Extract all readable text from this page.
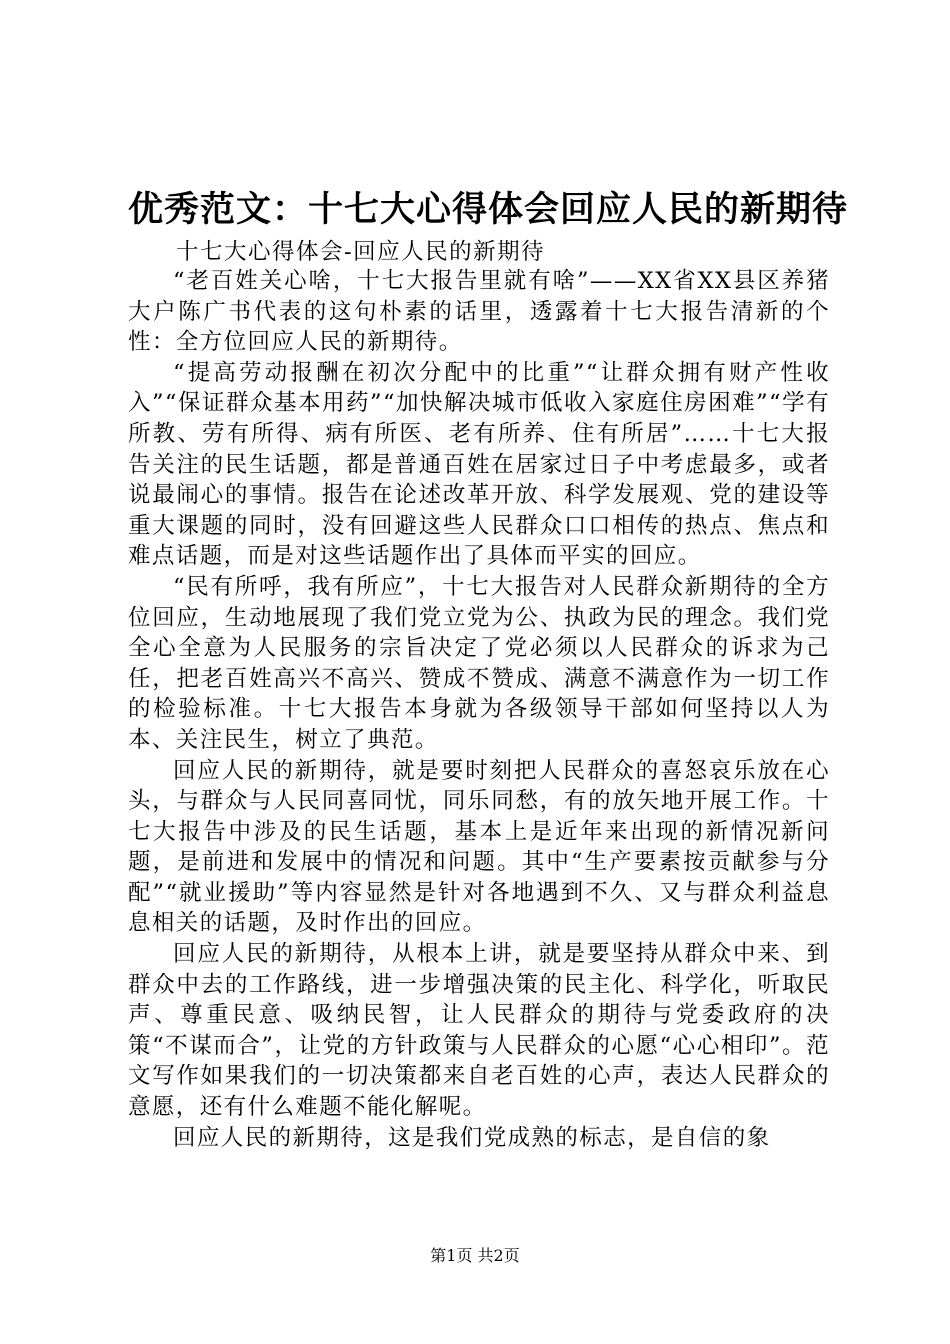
优秀范文：十七大心得体会回应人民的新期待
十七大心得体会-回应人民的新期待

“老百姓关心啥，十七大报告里就有啥”——XX省XX县区养猪大户陈广书代表的这句朴素的话里，透露着十七大报告清新的个性：全方位回应人民的新期待。

“提高劳动报酬在初次分配中的比重”“让群众拥有财产性收入”“保证群众基本用药”“加快解决城市低收入家庭住房困难”“学有所教、劳有所得、病有所医、老有所养、住有所居”……十七大报告关注的民生话题，都是普通百姓在居家过日子中考虑最多，或者说最闹心的事情。报告在论述改革开放、科学发展观、党的建设等重大课题的同时，没有回避这些人民群众口口相传的热点、焦点和难点话题，而是对这些话题作出了具体而平实的回应。

“民有所呼，我有所应”，十七大报告对人民群众新期待的全方位回应，生动地展现了我们党立党为公、执政为民的理念。我们党全心全意为人民服务的宗旨决定了党必须以人民群众的诉求为己任，把老百姓高兴不高兴、赞成不赞成、满意不满意作为一切工作的检验标准。十七大报告本身就为各级领导干部如何坚持以人为本、关注民生，树立了典范。

回应人民的新期待，就是要时刻把人民群众的喜怒哀乐放在心头，与群众与人民同喜同忧，同乐同愁，有的放矢地开展工作。十七大报告中涉及的民生话题，基本上是近年来出现的新情况新问题，是前进和发展中的情况和问题。其中“生产要素按贡献参与分配”“就业援助”等内容显然是针对各地遇到不久、又与群众利益息息相关的话题，及时作出的回应。

回应人民的新期待，从根本上讲，就是要坚持从群众中来、到群众中去的工作路线，进一步增强决策的民主化、科学化，听取民声、尊重民意、吸纳民智，让人民群众的期待与党委政府的决策“不谋而合”，让党的方针政策与人民群众的心愿“心心相印”。范文写作如果我们的一切决策都来自老百姓的心声，表达人民群众的意愿，还有什么难题不能化解呢。

回应人民的新期待，这是我们党成熟的标志，是自信的象

第1页 共2页
